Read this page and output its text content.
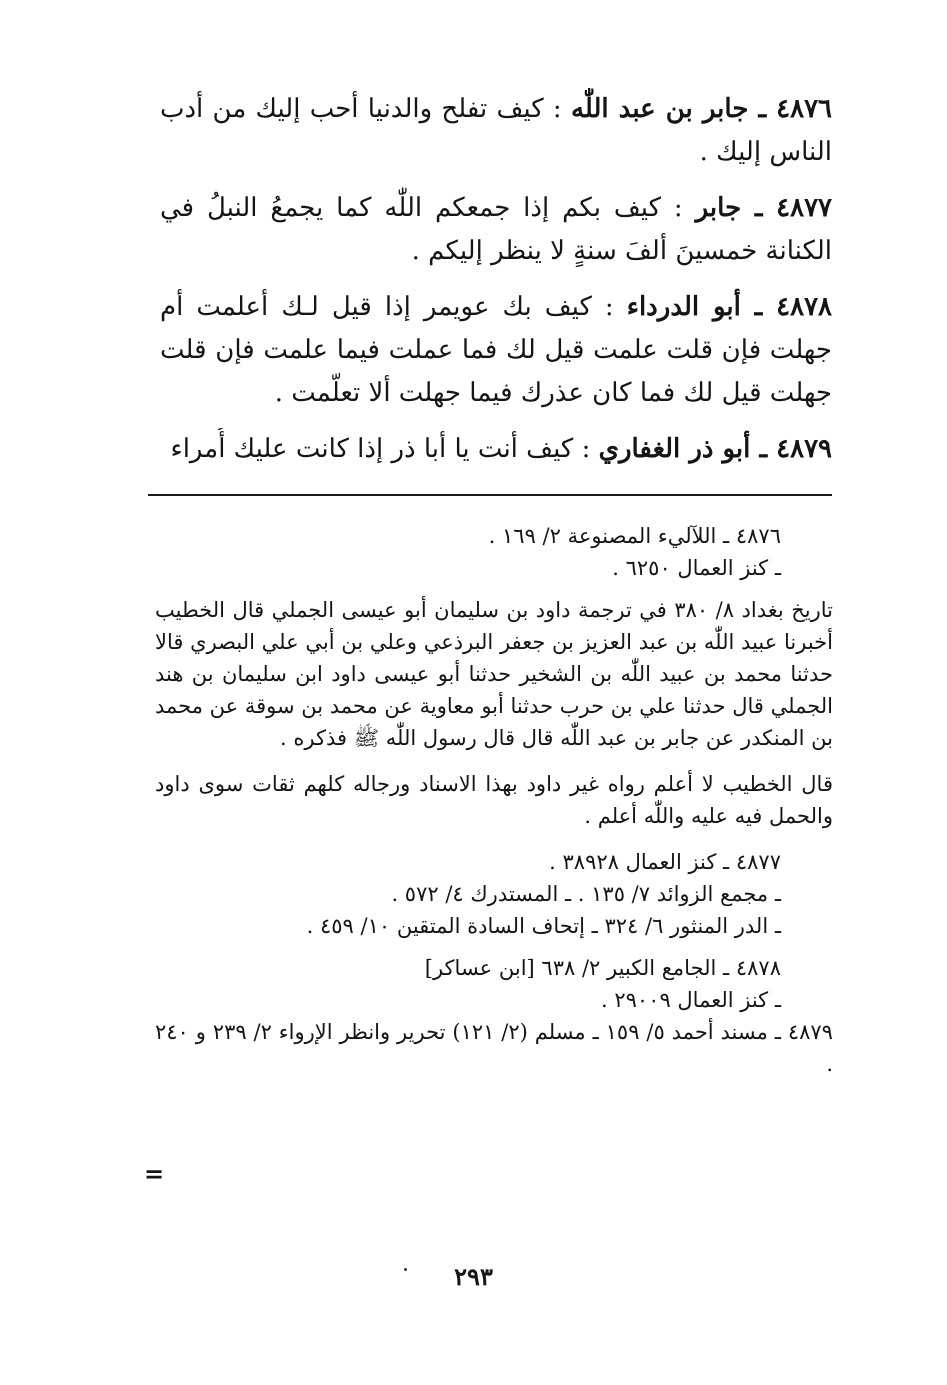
٤٨٧٦ ـ جابر بن عبد اللّٰه : كيف تفلح والدنيا أحب إليك من أدب الناس إليك .

٤٨٧٧ ـ جابر : كيف بكم إذا جمعكم اللّٰه كما يجمعُ النبلُ في الكنانة خمسينَ ألفَ سنةٍ لا ينظر إليكم .

٤٨٧٨ ـ أبو الدرداء : كيف بك عويمر إذا قيل لـك أعلمت أم جهلت فإن قلت علمت قيل لك فما عملت فيما علمت فإن قلت جهلت قيل لك فما كان عذرك فيما جهلت ألا تعلّمت .

٤٨٧٩ ـ أبو ذر الغفاري : كيف أنت يا أبا ذر إذا كانت عليك أُمراء

٤٨٧٦ ـ اللآليء المصنوعة ٢/ ١٦٩ .

ـ كنز العمال ٦٢٥٠ .

تاريخ بغداد ٨/ ٣٨٠ في ترجمة داود بن سليمان أبو عيسى الجملي قال الخطيب أخبرنا عبيد اللّٰه بن عبد العزيز بن جعفر البرذعي وعلي بن أبي علي البصري قالا حدثنا محمد بن عبيد اللّٰه بن الشخير حدثنا أبو عيسى داود ابن سليمان بن هند الجملي قال حدثنا علي بن حرب حدثنا أبو معاوية عن محمد بن سوقة عن محمد بن المنكدر عن جابر بن عبد اللّٰه قال قال رسول اللّٰه ﷺ فذكره .

قال الخطيب لا أعلم رواه غير داود بهذا الاسناد ورجاله كلهم ثقات سوى داود والحمل فيه عليه واللّٰه أعلم .

٤٨٧٧ ـ كنز العمال ٣٨٩٢٨ .

ـ مجمع الزوائد ٧/ ١٣٥ . ـ المستدرك ٤/ ٥٧٢ .

ـ الدر المنثور ٦/ ٣٢٤ ـ إتحاف السادة المتقين ١٠/ ٤٥٩ .

٤٨٧٨ ـ الجامع الكبير ٢/ ٦٣٨ [ابن عساكر]

ـ كنز العمال ٢٩٠٠٩ .

٤٨٧٩ ـ مسند أحمد ٥/ ١٥٩ ـ مسلم (٢/ ١٢١) تحرير وانظر الإرواء ٢/ ٢٣٩ و ٢٤٠ .

=
٢٩٣
